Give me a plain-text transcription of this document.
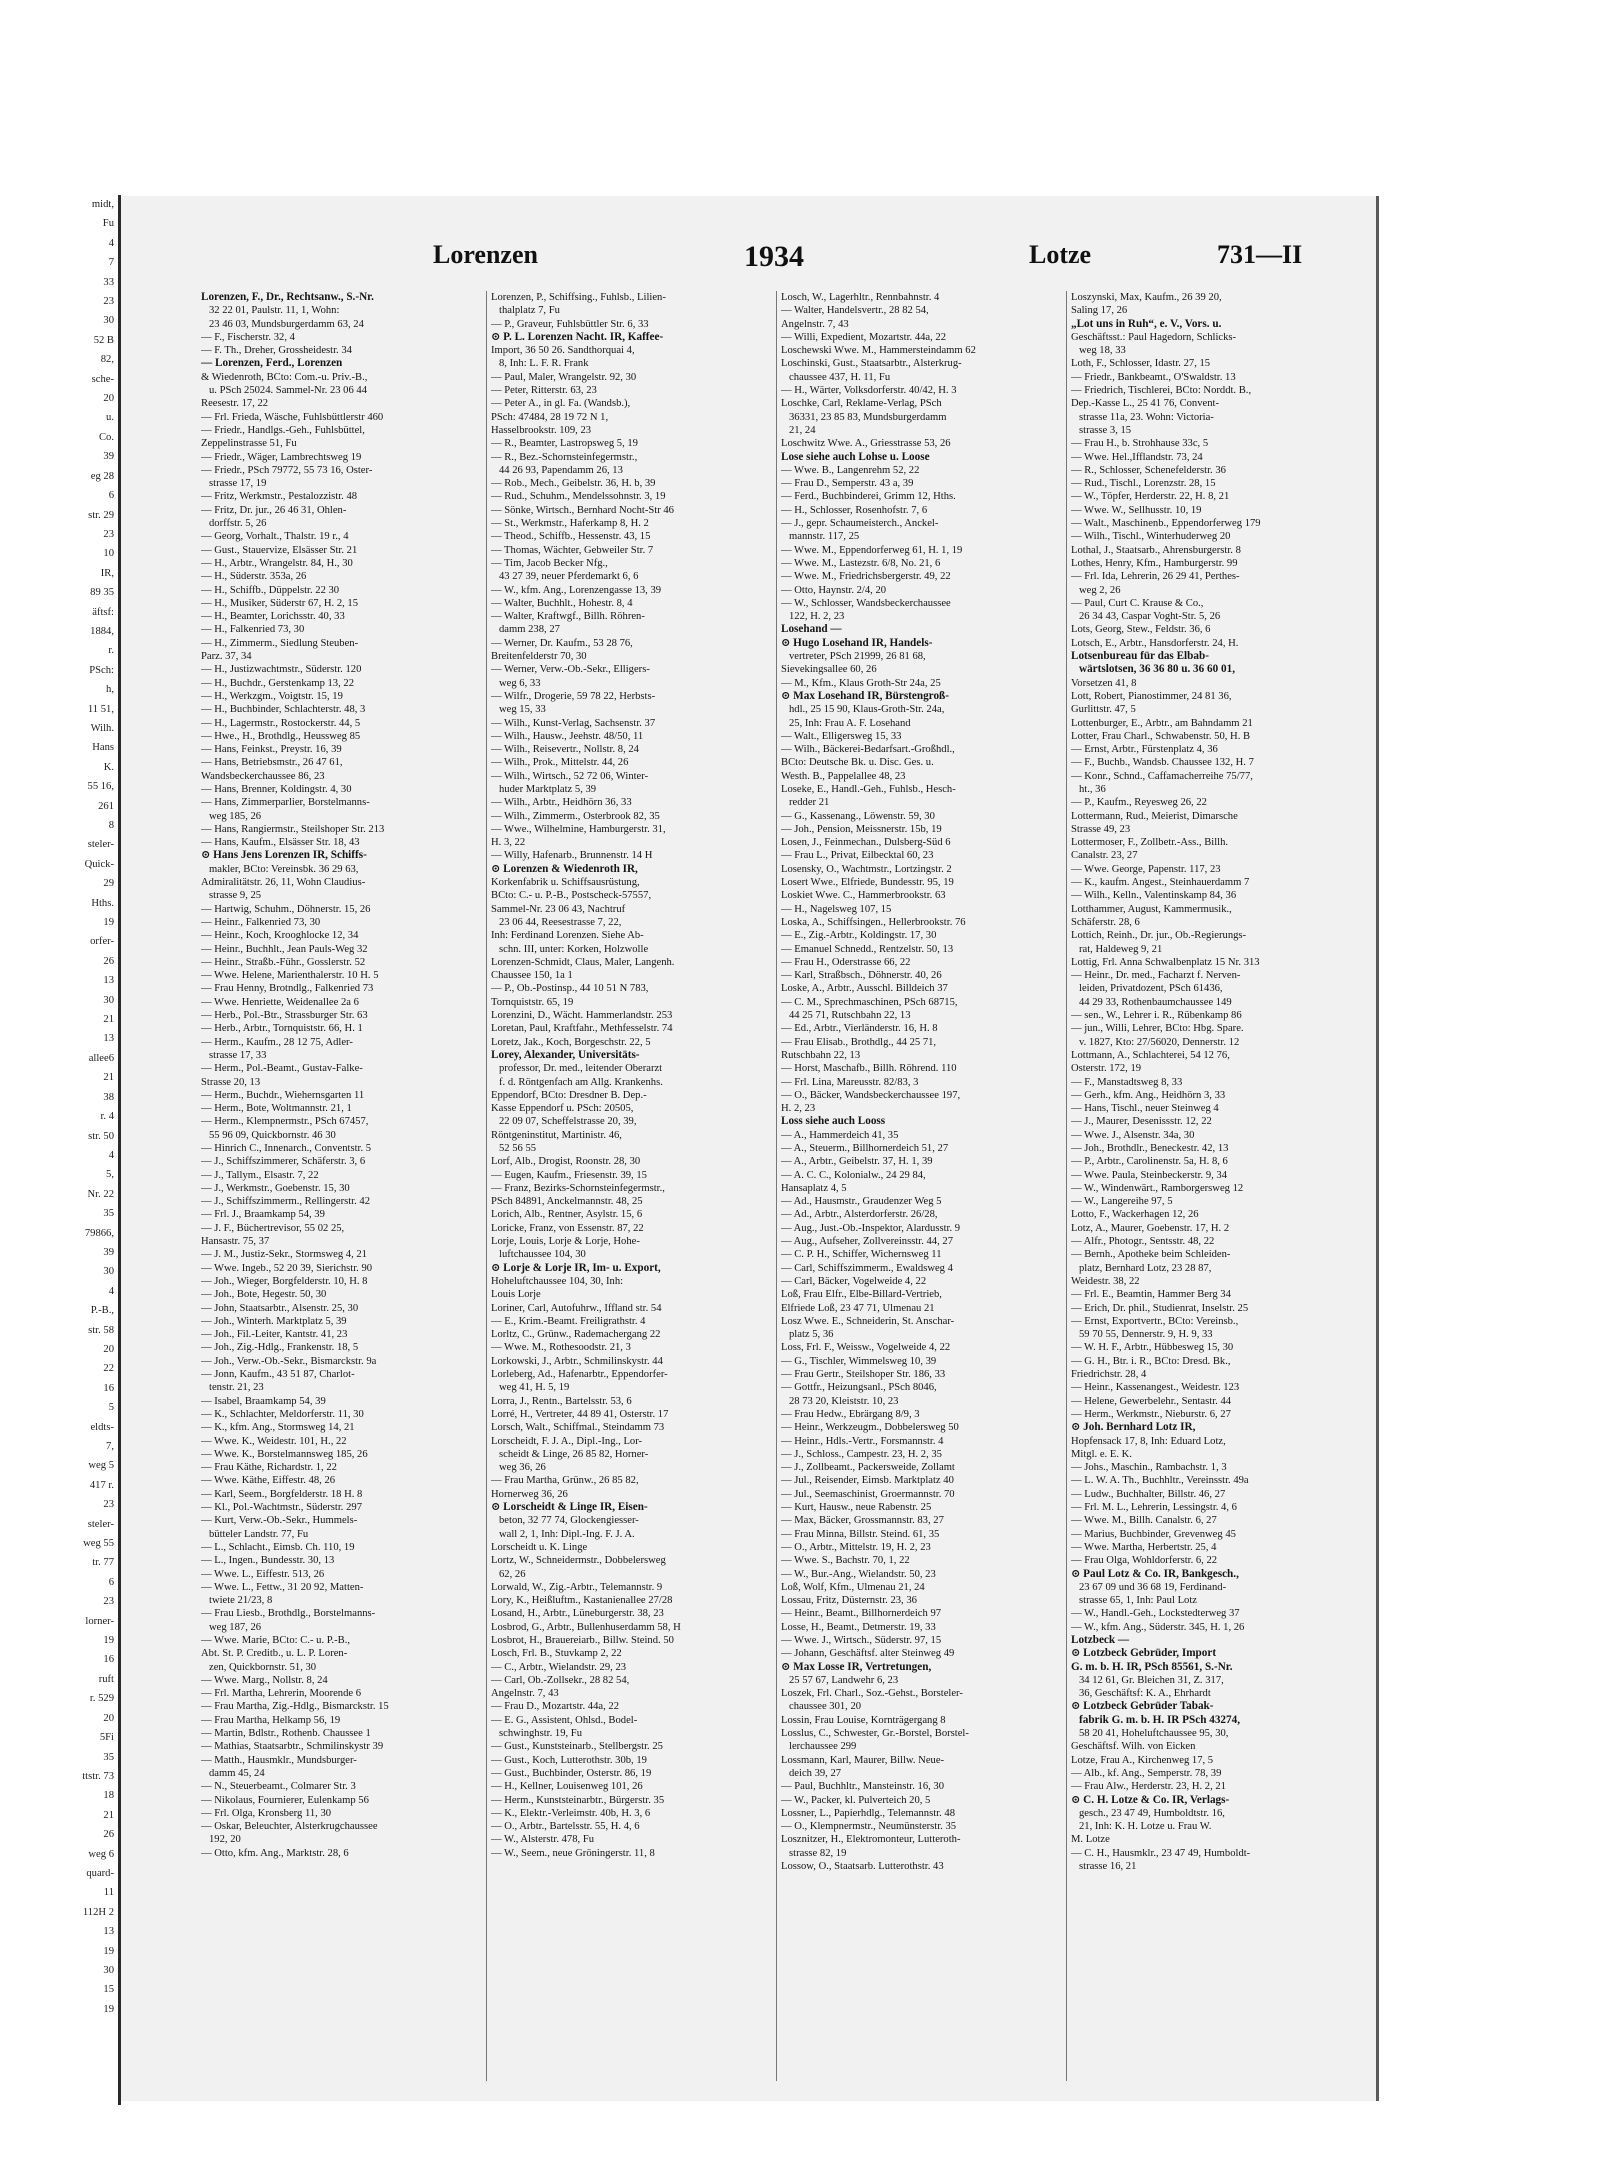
midt,
Fu
4
7
33
23
30
52 B
82,
sche-
20
u.
Co.
39
eg 28
6
str. 29
23
10
IR,
89 35
äftsf:
1884,
r.
PSch:
h,
11 51,
Wilh.
Hans
K.
55 16,
261
8
steler-
Quick-
29
Hths.
19
orfer-
26
13
30
21
13
allee6
21
38
r. 4
str. 50
4
5,
Nr. 22
35
79866,
39
30
4
P.-B.,
str. 58
20
22
16
5
eldts-
7,
weg 5
417 r.
23
steler-
weg 55
tr. 77
6
23
lorner-
19
16
ruft
r. 529
20
5Fi
35
ttstr. 73
18
21
26
weg 6
quard-
11
112H 2
13
19
30
15
19
Lorenzen	1934	Lotze	731—II
Lorenzen, F., Dr., Rechtsanw., S.-Nr.
32 22 01, Paulstr. 11, 1, Wohn:
23 46 03, Mundsburgerdamm 63, 24
— F., Fischerstr. 32, 4
— F. Th., Dreher, Grossheidestr. 34
— Lorenzen, Ferd., Lorenzen
& Wiedenroth, BCto: Com.-u. Priv.-B.,
u. PSch 25024. Sammel-Nr. 23 06 44
Reesestr. 17, 22
— Frl. Frieda, Wäsche, Fuhlsbüttlerstr 460
— Friedr., Handlgs.-Geh., Fuhlsbüttel,
Zeppelinstrasse 51, Fu
— Friedr., Wäger, Lambrechtsweg 19
— Friedr., PSch 79772, 55 73 16, Oster-
strasse 17, 19
— Fritz, Werkmstr., Pestalozzistr. 48
— Fritz, Dr. jur., 26 46 31, Ohlen-
dorffstr. 5, 26
— Georg, Vorhalt., Thalstr. 19 r., 4
— Gust., Stauervize, Elsässer Str. 21
— H., Arbtr., Wrangelstr. 84, H., 30
— H., Süderstr. 353a, 26
— H., Schiffb., Düppelstr. 22 30
— H., Musiker, Süderstr 67, H. 2, 15
— H., Beamter, Lorichsstr. 40, 33
— H., Falkenried 73, 30
— H., Zimmerm., Siedlung Steuben-
Parz. 37, 34
— H., Justizwachtmstr., Süderstr. 120
— H., Buchdr., Gerstenkamp 13, 22
— H., Werkzgm., Voigtstr. 15, 19
— H., Buchbinder, Schlachterstr. 48, 3
— H., Lagermstr., Rostockerstr. 44, 5
— Hwe., H., Brothdlg., Heussweg 85
— Hans, Feinkst., Preystr. 16, 39
— Hans, Betriebsmstr., 26 47 61,
Wandsbeckerchaussee 86, 23
— Hans, Brenner, Koldingstr. 4, 30
— Hans, Zimmerparlier, Borstelmanns-
weg 185, 26
— Hans, Rangiermstr., Steilshoper Str. 213
— Hans, Kaufm., Elsässer Str. 18, 43
⊙ Hans Jens Lorenzen IR, Schiffs-
makler, BCto: Vereinsbk. 36 29 63,
Admiralitätstr. 26, 11, Wohn Claudius-
strasse 9, 25
— Hartwig, Schuhm., Döhnerstr. 15, 26
— Heinr., Falkenried 73, 30
— Heinr., Koch, Krooghlocke 12, 34
— Heinr., Buchhlt., Jean Pauls-Weg 32
— Heinr., Straßb.-Führ., Gosslerstr. 52
— Wwe. Helene, Marienthalerstr. 10 H. 5
— Frau Henny, Brotndlg., Falkenried 73
— Wwe. Henriette, Weidenallee 2a 6
— Herb., Pol.-Btr., Strassburger Str. 63
— Herb., Arbtr., Tornquiststr. 66, H. 1
— Herm., Kaufm., 28 12 75, Adler-
strasse 17, 33
— Herm., Pol.-Beamt., Gustav-Falke-
Strasse 20, 13
— Herm., Buchdr., Wiehernsgarten 11
— Herm., Bote, Woltmannstr. 21, 1
— Herm., Klempnermstr., PSch 67457,
55 96 09, Quickbornstr. 46 30
— Hinrich C., Innenarch., Conventstr. 5
— J., Schiffszimmerer, Schäferstr. 3, 6
— J., Tallym., Elsastr. 7, 22
— J., Werkmstr., Goebenstr. 15, 30
— J., Schiffszimmerm., Rellingerstr. 42
— Frl. J., Braamkamp 54, 39
— J. F., Büchertrevisor, 55 02 25,
Hansastr. 75, 37
— J. M., Justiz-Sekr., Stormsweg 4, 21
— Wwe. Ingeb., 52 20 39, Sierichstr. 90
— Joh., Wieger, Borgfelderstr. 10, H. 8
— Joh., Bote, Hegestr. 50, 30
— John, Staatsarbtr., Alsenstr. 25, 30
— Joh., Winterh. Marktplatz 5, 39
— Joh., Fil.-Leiter, Kantstr. 41, 23
— Joh., Zig.-Hdlg., Frankenstr. 18, 5
— Joh., Verw.-Ob.-Sekr., Bismarckstr. 9a
— Jonn, Kaufm., 43 51 87, Charlot-
tenstr. 21, 23
— Isabel, Braamkamp 54, 39
— K., Schlachter, Meldorferstr. 11, 30
— K., kfm. Ang., Stormsweg 14, 21
— Wwe. K., Weidestr. 101, H., 22
— Wwe. K., Borstelmannsweg 185, 26
— Frau Käthe, Richardstr. 1, 22
— Wwe. Käthe, Eiffestr. 48, 26
— Karl, Seem., Borgfelderstr. 18 H. 8
— Kl., Pol.-Wachtmstr., Süderstr. 297
— Kurt, Verw.-Ob.-Sekr., Hummels-
bütteler Landstr. 77, Fu
— L., Schlacht., Eimsb. Ch. 110, 19
— L., Ingen., Bundesstr. 30, 13
— Wwe. L., Eiffestr. 513, 26
— Wwe. L., Fettw., 31 20 92, Matten-
twiete 21/23, 8
— Frau Liesb., Brothdlg., Borstelmanns-
weg 187, 26
— Wwe. Marie, BCto: C.- u. P.-B.,
Abt. St. P. Creditb., u. L. P. Loren-
zen, Quickbornstr. 51, 30
— Wwe. Marg., Nollstr. 8, 24
— Frl. Martha, Lehrerin, Moorende 6
— Frau Martha, Zig.-Hdlg., Bismarckstr. 15
— Frau Martha, Helkamp 56, 19
— Martin, Bdlstr., Rothenb. Chaussee 1
— Mathias, Staatsarbtr., Schmilinskystr 39
— Matth., Hausmklr., Mundsburger-
damm 45, 24
— N., Steuerbeamt., Colmarer Str. 3
— Nikolaus, Fournierer, Eulenkamp 56
— Frl. Olga, Kronsberg 11, 30
— Oskar, Beleuchter, Alsterkrugchaussee
192, 20
— Otto, kfm. Ang., Marktstr. 28, 6
Lorenzen, P., Schiffsing., Fuhlsb., Lilien-
thalplatz 7, Fu
— P., Graveur, Fuhlsbüttler Str. 6, 33
⊙ P. L. Lorenzen Nacht. IR, Kaffee-
Import, 36 50 26. Sandthorquai 4,
8, Inh: L. F. R. Frank
— Paul, Maler, Wrangelstr. 92, 30
— Peter, Ritterstr. 63, 23
— Peter A., in gl. Fa. (Wandsb.),
PSch: 47484, 28 19 72 N 1,
Hasselbrookstr. 109, 23
— R., Beamter, Lastropsweg 5, 19
— R., Bez.-Schornsteinfegermstr.,
44 26 93, Papendamm 26, 13
— Rob., Mech., Geibelstr. 36, H. b, 39
— Rud., Schuhm., Mendelssohnstr. 3, 19
— Sönke, Wirtsch., Bernhard Nocht-Str 46
— St., Werkmstr., Haferkamp 8, H. 2
— Theod., Schiffb., Hessenstr. 43, 15
— Thomas, Wächter, Gebweiler Str. 7
— Tim, Jacob Becker Nfg.,
43 27 39, neuer Pferdemarkt 6, 6
— W., kfm. Ang., Lorenzengasse 13, 39
— Walter, Buchhlt., Hohestr. 8, 4
— Walter, Kraftwgf., Billh. Röhren-
damm 238, 27
— Werner, Dr. Kaufm., 53 28 76,
Breitenfelderstr 70, 30
— Werner, Verw.-Ob.-Sekr., Elligers-
weg 6, 33
— Wilfr., Drogerie, 59 78 22, Herbsts-
weg 15, 33
— Wilh., Kunst-Verlag, Sachsenstr. 37
— Wilh., Hausw., Jeehstr. 48/50, 11
— Wilh., Reisevertr., Nollstr. 8, 24
— Wilh., Prok., Mittelstr. 44, 26
— Wilh., Wirtsch., 52 72 06, Winter-
huder Marktplatz 5, 39
— Wilh., Arbtr., Heidhörn 36, 33
— Wilh., Zimmerm., Osterbrook 82, 35
— Wwe., Wilhelmine, Hamburgerstr. 31,
H. 3, 22
— Willy, Hafenarb., Brunnenstr. 14 H
⊙ Lorenzen & Wiedenroth IR,
Korkenfabrik u. Schiffsausrüstung,
BCto: C.- u. P.-B., Postscheck-57557,
Sammel-Nr. 23 06 43, Nachtruf
23 06 44, Reesestrasse 7, 22,
Inh: Ferdinand Lorenzen. Siehe Ab-
schn. III, unter: Korken, Holzwolle
Lorenzen-Schmidt, Claus, Maler, Langenh.
Chaussee 150, 1a 1
— P., Ob.-Postinsp., 44 10 51 N 783,
Tornquiststr. 65, 19
Lorenzini, D., Wächt. Hammerlandstr. 253
Loretan, Paul, Kraftfahr., Methfesselstr. 74
Loretz, Jak., Koch, Borgeschstr. 22, 5
Lorey, Alexander, Universitäts-
professor, Dr. med., leitender Oberarzt
f. d. Röntgenfach am Allg. Krankenhs.
Eppendorf, BCto: Dresdner B. Dep.-
Kasse Eppendorf u. PSch: 20505,
22 09 07, Scheffelstrasse 20, 39,
Röntgeninstitut, Martinistr. 46,
52 56 55
Lorf, Alb., Drogist, Roonstr. 28, 30
— Eugen, Kaufm., Friesenstr. 39, 15
— Franz, Bezirks-Schornsteinfegermstr.,
PSch 84891, Anckelmannstr. 48, 25
Lorich, Alb., Rentner, Asylstr. 15, 6
Loricke, Franz, von Essenstr. 87, 22
Lorje, Louis, Lorje & Lorje, Hohe-
luftchaussee 104, 30
⊙ Lorje & Lorje IR, Im- u. Export,
Hoheluftchaussee 104, 30, Inh:
Louis Lorje
Loriner, Carl, Autofuhrw., Iffland str. 54
— E., Krim.-Beamt. Freiligrathstr. 4
Lorltz, C., Grünw., Rademachergang 22
— Wwe. M., Rothesoodstr. 21, 3
Lorkowski, J., Arbtr., Schmilinskystr. 44
Lorleberg, Ad., Hafenarbtr., Eppendorfer-
weg 41, H. 5, 19
Lorra, J., Rentn., Bartelsstr. 53, 6
Lorré, H., Vertreter, 44 89 41, Osterstr. 17
Lorsch, Walt., Schiffmal., Steindamm 73
Lorscheidt, F. J. A., Dipl.-Ing., Lor-
scheidt & Linge, 26 85 82, Horner-
weg 36, 26
— Frau Martha, Grünw., 26 85 82,
Hornerweg 36, 26
⊙ Lorscheidt & Linge IR, Eisen-
beton, 32 77 74, Glockengiesser-
wall 2, 1, Inh: Dipl.-Ing. F. J. A.
Lorscheidt u. K. Linge
Lortz, W., Schneidermstr., Dobbelersweg
62, 26
Lorwald, W., Zig.-Arbtr., Telemannstr. 9
Lory, K., Heißluftm., Kastanienallee 27/28
Losand, H., Arbtr., Lüneburgerstr. 38, 23
Losbrod, G., Arbtr., Bullenhuserdamm 58, H
Losbrot, H., Brauereiarb., Billw. Steind. 50
Losch, Frl. B., Stuvkamp 2, 22
— C., Arbtr., Wielandstr. 29, 23
— Carl, Ob.-Zollsekr., 28 82 54,
Angelnstr. 7, 43
— Frau D., Mozartstr. 44a, 22
— E. G., Assistent, Ohlsd., Bodel-
schwinghstr. 19, Fu
— Gust., Kunststeinarb., Stellbergstr. 25
— Gust., Koch, Lutterothstr. 30b, 19
— Gust., Buchbinder, Osterstr. 86, 19
— H., Kellner, Louisenweg 101, 26
— Herm., Kunststeinarbtr., Bürgerstr. 35
— K., Elektr.-Verleimstr. 40b, H. 3, 6
— O., Arbtr., Bartelsstr. 55, H. 4, 6
— W., Alsterstr. 478, Fu
— W., Seem., neue Gröningerstr. 11, 8
Losch, W., Lagerhltr., Rennbahnstr. 4
— Walter, Handelsvertr., 28 82 54,
Angelnstr. 7, 43
— Willi, Expedient, Mozartstr. 44a, 22
Loschewski Wwe. M., Hammersteindamm 62
Loschinski, Gust., Staatsarbtr., Alsterkrug-
chaussee 437, H. 11, Fu
— H., Wärter, Volksdorferstr. 40/42, H. 3
Loschke, Carl, Reklame-Verlag, PSch
36331, 23 85 83, Mundsburgerdamm
21, 24
Loschwitz Wwe. A., Griesstrasse 53, 26
Lose siehe auch Lohse u. Loose
— Wwe. B., Langenrehm 52, 22
— Frau D., Semperstr. 43 a, 39
— Ferd., Buchbinderei, Grimm 12, Hths.
— H., Schlosser, Rosenhofstr. 7, 6
— J., gepr. Schaumeisterch., Anckel-
mannstr. 117, 25
— Wwe. M., Eppendorferweg 61, H. 1, 19
— Wwe. M., Lastezstr. 6/8, No. 21, 6
— Wwe. M., Friedrichsbergerstr. 49, 22
— Otto, Haynstr. 2/4, 20
— W., Schlosser, Wandsbeckerchaussee
122, H. 2, 23
Losehand —
⊙ Hugo Losehand IR, Handels-
vertreter, PSch 21999, 26 81 68,
Sievekingsallee 60, 26
— M., Kfm., Klaus Groth-Str 24a, 25
⊙ Max Losehand IR, Bürstengroß-
hdl., 25 15 90, Klaus-Groth-Str. 24a,
25, Inh: Frau A. F. Losehand
— Walt., Elligersweg 15, 33
— Wilh., Bäckerei-Bedarfsart.-Großhdl.,
BCto: Deutsche Bk. u. Disc. Ges. u.
Westh. B., Pappelallee 48, 23
Loseke, E., Handl.-Geh., Fuhlsb., Hesch-
redder 21
— G., Kassenang., Löwenstr. 59, 30
— Joh., Pension, Meissnerstr. 15b, 19
Losen, J., Feinmechan., Dulsberg-Süd 6
— Frau L., Privat, Eilbecktal 60, 23
Losensky, O., Wachtmstr., Lortzingstr. 2
Losert Wwe., Elfriede, Bundesstr. 95, 19
Loskiet Wwe. C., Hammerbrookstr. 63
— H., Nagelsweg 107, 15
Loska, A., Schiffsingen., Hellerbrookstr. 76
— E., Zig.-Arbtr., Koldingstr. 17, 30
— Emanuel Schnedd., Rentzelstr. 50, 13
— Frau H., Oderstrasse 66, 22
— Karl, Straßbsch., Döhnerstr. 40, 26
Loske, A., Arbtr., Ausschl. Billdeich 37
— C. M., Sprechmaschinen, PSch 68715,
44 25 71, Rutschbahn 22, 13
— Ed., Arbtr., Vierländerstr. 16, H. 8
— Frau Elisab., Brothdlg., 44 25 71,
Rutschbahn 22, 13
— Horst, Maschafb., Billh. Röhrend. 110
— Frl. Lina, Mareusstr. 82/83, 3
— O., Bäcker, Wandsbeckerchaussee 197,
H. 2, 23
Loss siehe auch Looss
— A., Hammerdeich 41, 35
— A., Steuerm., Billhornerdeich 51, 27
— A., Arbtr., Geibelstr. 37, H. 1, 39
— A. C. C., Kolonialw., 24 29 84,
Hansaplatz 4, 5
— Ad., Hausmstr., Graudenzer Weg 5
— Ad., Arbtr., Alsterdorferstr. 26/28,
— Aug., Just.-Ob.-Inspektor, Alardusstr. 9
— Aug., Aufseher, Zollvereinsstr. 44, 27
— C. P. H., Schiffer, Wichernsweg 11
— Carl, Schiffszimmerm., Ewaldsweg 4
— Carl, Bäcker, Vogelweide 4, 22
Loß, Frau Elfr., Elbe-Billard-Vertrieb,
Elfriede Loß, 23 47 71, Ulmenau 21
Losz Wwe. E., Schneiderin, St. Anschar-
platz 5, 36
Loss, Frl. F., Weissw., Vogelweide 4, 22
— G., Tischler, Wimmelsweg 10, 39
— Frau Gertr., Steilshoper Str. 186, 33
— Gottfr., Heizungsanl., PSch 8046,
28 73 20, Kleiststr. 10, 23
— Frau Hedw., Ebrärgang 8/9, 3
— Heinr., Werkzeugm., Dobbelersweg 50
— Heinr., Hdls.-Vertr., Forsmannstr. 4
— J., Schloss., Campestr. 23, H. 2, 35
— J., Zollbeamt., Packersweide, Zollamt
— Jul., Reisender, Eimsb. Marktplatz 40
— Jul., Seemaschinist, Groermannstr. 70
— Kurt, Hausw., neue Rabenstr. 25
— Max, Bäcker, Grossmannstr. 83, 27
— Frau Minna, Billstr. Steind. 61, 35
— O., Arbtr., Mittelstr. 19, H. 2, 23
— Wwe. S., Bachstr. 70, 1, 22
— W., Bur.-Ang., Wielandstr. 50, 23
Loß, Wolf, Kfm., Ulmenau 21, 24
Lossau, Fritz, Düsternstr. 23, 36
— Heinr., Beamt., Billhornerdeich 97
Losse, H., Beamt., Detmerstr. 19, 33
— Wwe. J., Wirtsch., Süderstr. 97, 15
— Johann, Geschäftsf. alter Steinweg 49
⊙ Max Losse IR, Vertretungen,
25 57 67, Landwehr 6, 23
Loszek, Frl. Charl., Soz.-Gehst., Borsteler-
chaussee 301, 20
Lossin, Frau Louise, Kornträgergang 8
Losslus, C., Schwester, Gr.-Borstel, Borstel-
lerchaussee 299
Lossmann, Karl, Maurer, Billw. Neue-
deich 39, 27
— Paul, Buchhltr., Mansteinstr. 16, 30
— W., Packer, kl. Pulverteich 20, 5
Lossner, L., Papierhdlg., Telemannstr. 48
— O., Klempnermstr., Neumünsterstr. 35
Losznitzer, H., Elektromonteur, Lutteroth-
strasse 82, 19
Lossow, O., Staatsarb. Lutterothstr. 43
Loszynski, Max, Kaufm., 26 39 20,
Saling 17, 26
„Lot uns in Ruh“, e. V., Vors. u.
Geschäftsst.: Paul Hagedorn, Schlicks-
weg 18, 33
Loth, F., Schlosser, Idastr. 27, 15
— Friedr., Bankbeamt., O'Swaldstr. 13
— Friedrich, Tischlerei, BCto: Norddt. B.,
Dep.-Kasse L., 25 41 76, Convent-
strasse 11a, 23. Wohn: Victoria-
strasse 3, 15
— Frau H., b. Strohhause 33c, 5
— Wwe. Hel.,Ifflandstr. 73, 24
— R., Schlosser, Schenefelderstr. 36
— Rud., Tischl., Lorenzstr. 28, 15
— W., Töpfer, Herderstr. 22, H. 8, 21
— Wwe. W., Sellhusstr. 10, 19
— Walt., Maschinenb., Eppendorferweg 179
— Wilh., Tischl., Winterhuderweg 20
Lothal, J., Staatsarb., Ahrensburgerstr. 8
Lothes, Henry, Kfm., Hamburgerstr. 99
— Frl. Ida, Lehrerin, 26 29 41, Perthes-
weg 2, 26
— Paul, Curt C. Krause & Co.,
26 34 43, Caspar Voght-Str. 5, 26
Lots, Georg, Stew., Feldstr. 36, 6
Lotsch, E., Arbtr., Hansdorferstr. 24, H.
Lotsenbureau für das Elbab-
wärtslotsen, 36 36 80 u. 36 60 01,
Vorsetzen 41, 8
Lott, Robert, Pianostimmer, 24 81 36,
Gurlittstr. 47, 5
Lottenburger, E., Arbtr., am Bahndamm 21
Lotter, Frau Charl., Schwabenstr. 50, H. B
— Ernst, Arbtr., Fürstenplatz 4, 36
— F., Buchb., Wandsb. Chaussee 132, H. 7
— Konr., Schnd., Caffamacherreihe 75/77,
ht., 36
— P., Kaufm., Reyesweg 26, 22
Lottermann, Rud., Meierist, Dimarsche
Strasse 49, 23
Lottermoser, F., Zollbetr.-Ass., Billh.
Canalstr. 23, 27
— Wwe. George, Papenstr. 117, 23
— K., kaufm. Angest., Steinhauerdamm 7
— Wilh., Kelln., Valentinskamp 84, 36
Lotthammer, August, Kammermusik.,
Schäferstr. 28, 6
Lottich, Reinh., Dr. jur., Ob.-Regierungs-
rat, Haldeweg 9, 21
Lottig, Frl. Anna Schwalbenplatz 15 Nr. 313
— Heinr., Dr. med., Facharzt f. Nerven-
leiden, Privatdozent, PSch 61436,
44 29 33, Rothenbaumchaussee 149
— sen., W., Lehrer i. R., Rübenkamp 86
— jun., Willi, Lehrer, BCto: Hbg. Spare.
v. 1827, Kto: 27/56020, Dennerstr. 12
Lottmann, A., Schlachterei, 54 12 76,
Osterstr. 172, 19
— F., Manstadtsweg 8, 33
— Gerh., kfm. Ang., Heidhörn 3, 33
— Hans, Tischl., neuer Steinweg 4
— J., Maurer, Desenissstr. 12, 22
— Wwe. J., Alsenstr. 34a, 30
— Joh., Brothdlr., Beneckestr. 42, 13
— P., Arbtr., Carolinenstr. 5a, H. 8, 6
— Wwe. Paula, Steinbeckerstr. 9, 34
— W., Windenwärt., Ramborgersweg 12
— W., Langereihe 97, 5
Lotto, F., Wackerhagen 12, 26
Lotz, A., Maurer, Goebenstr. 17, H. 2
— Alfr., Photogr., Sentsstr. 48, 22
— Bernh., Apotheke beim Schleiden-
platz, Bernhard Lotz, 23 28 87,
Weidestr. 38, 22
— Frl. E., Beamtin, Hammer Berg 34
— Erich, Dr. phil., Studienrat, Inselstr. 25
— Ernst, Exportvertr., BCto: Vereinsb.,
59 70 55, Dennerstr. 9, H. 9, 33
— W. H. F., Arbtr., Hübbesweg 15, 30
— G. H., Btr. i. R., BCto: Dresd. Bk.,
Friedrichstr. 28, 4
— Heinr., Kassenangest., Weidestr. 123
— Helene, Gewerbelehr., Sentastr. 44
— Herm., Werkmstr., Nieburstr. 6, 27
⊙ Joh. Bernhard Lotz IR,
Hopfensack 17, 8, Inh: Eduard Lotz,
Mitgl. e. E. K.
— Johs., Maschin., Rambachstr. 1, 3
— L. W. A. Th., Buchhltr., Vereinsstr. 49a
— Ludw., Buchhalter, Billstr. 46, 27
— Frl. M. L., Lehrerin, Lessingstr. 4, 6
— Wwe. M., Billh. Canalstr. 6, 27
— Marius, Buchbinder, Grevenweg 45
— Wwe. Martha, Herbertstr. 25, 4
— Frau Olga, Wohldorferstr. 6, 22
⊙ Paul Lotz & Co. IR, Bankgesch.,
23 67 09 und 36 68 19, Ferdinand-
strasse 65, 1, Inh: Paul Lotz
— W., Handl.-Geh., Lockstedterweg 37
— W., kfm. Ang., Süderstr. 345, H. 1, 26
Lotzbeck —
⊙ Lotzbeck Gebrüder, Import
G. m. b. H. IR, PSch 85561, S.-Nr.
34 12 61, Gr. Bleichen 31, Z. 317,
36, Geschäftsf: K. A., Ehrhardt
⊙ Lotzbeck Gebrüder Tabak-
fabrik G. m. b. H. IR PSch 43274,
58 20 41, Hoheluftchaussee 95, 30,
Geschäftsf. Wilh. von Eicken
Lotze, Frau A., Kirchenweg 17, 5
— Alb., kf. Ang., Semperstr. 78, 39
— Frau Alw., Herderstr. 23, H. 2, 21
⊙ C. H. Lotze & Co. IR, Verlags-
gesch., 23 47 49, Humboldtstr. 16,
21, Inh: K. H. Lotze u. Frau W.
M. Lotze
— C. H., Hausmklr., 23 47 49, Humboldt-
strasse 16, 21
